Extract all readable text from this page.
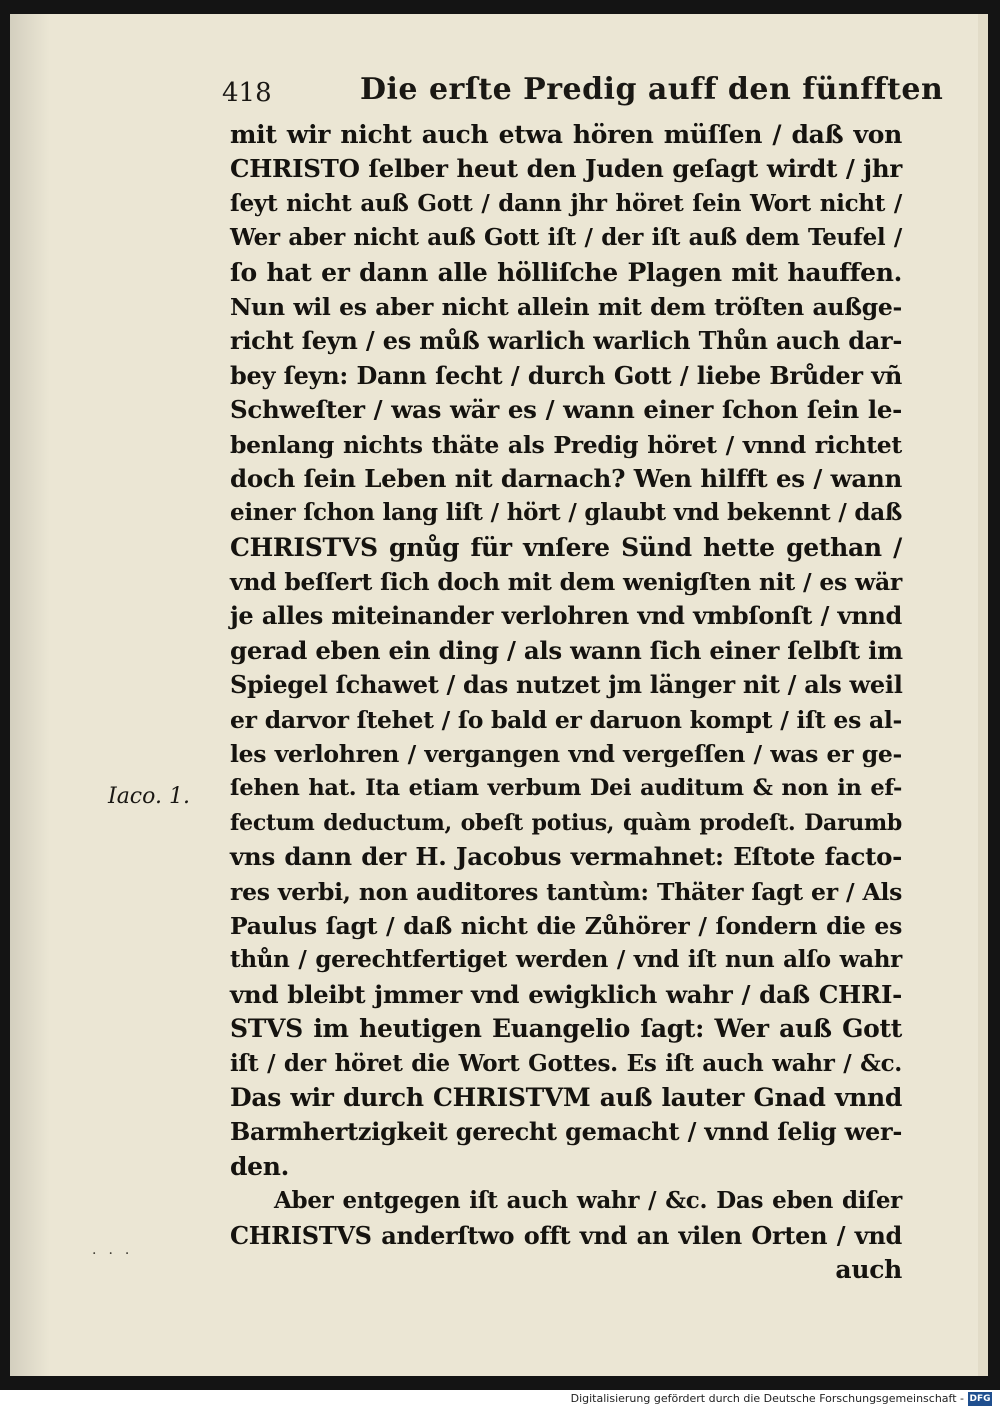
418	Die erſte Predig auff den fünfften
Iaco. 1.
mit wir nicht auch etwa hören müſſen / daß von
CHRISTO ſelber heut den Juden geſagt wirdt / jhr
ſeyt nicht auß Gott / dann jhr höret ſein Wort nicht /
Wer aber nicht auß Gott iſt / der iſt auß dem Teufel /
ſo hat er dann alle hölliſche Plagen mit hauffen.
Nun wil es aber nicht allein mit dem tröſten außge-
richt ſeyn / es můß warlich warlich Thůn auch dar-
bey ſeyn: Dann ſecht / durch Gott / liebe Brůder vñ
Schweſter / was wär es / wann einer ſchon ſein le-
benlang nichts thäte als Predig höret / vnnd richtet
doch ſein Leben nit darnach? Wen hilfft es / wann
einer ſchon lang liſt / hört / glaubt vnd bekennt / daß
CHRISTVS gnůg für vnſere Sünd hette gethan /
vnd beſſert ſich doch mit dem wenigſten nit / es wär
je alles miteinander verlohren vnd vmbſonſt / vnnd
gerad eben ein ding / als wann ſich einer ſelbſt im
Spiegel ſchawet / das nutzet jm länger nit / als weil
er darvor ſtehet / ſo bald er daruon kompt / iſt es al-
les verlohren / vergangen vnd vergeſſen / was er ge-
ſehen hat. Ita etiam verbum Dei auditum & non in ef-
fectum deductum, obeſt potius, quàm prodeſt. Darumb
vns dann der H. Jacobus vermahnet: Eſtote facto-
res verbi, non auditores tantùm: Thäter ſagt er / Als
Paulus ſagt / daß nicht die Zůhörer / ſondern die es
thůn / gerechtfertiget werden / vnd iſt nun alſo wahr
vnd bleibt jmmer vnd ewigklich wahr / daß CHRI-
STVS im heutigen Euangelio ſagt: Wer auß Gott
iſt / der höret die Wort Gottes. Es iſt auch wahr / &c.
Das wir durch CHRISTVM auß lauter Gnad vnnd
Barmhertzigkeit gerecht gemacht / vnnd ſelig wer-
den.
Aber entgegen iſt auch wahr / &c. Das eben diſer
CHRISTVS anderſtwo offt vnd an vilen Orten / vnd
auch
·​·​·
Digitalisierung gefördert durch die Deutsche Forschungsgemeinschaft - DFG
